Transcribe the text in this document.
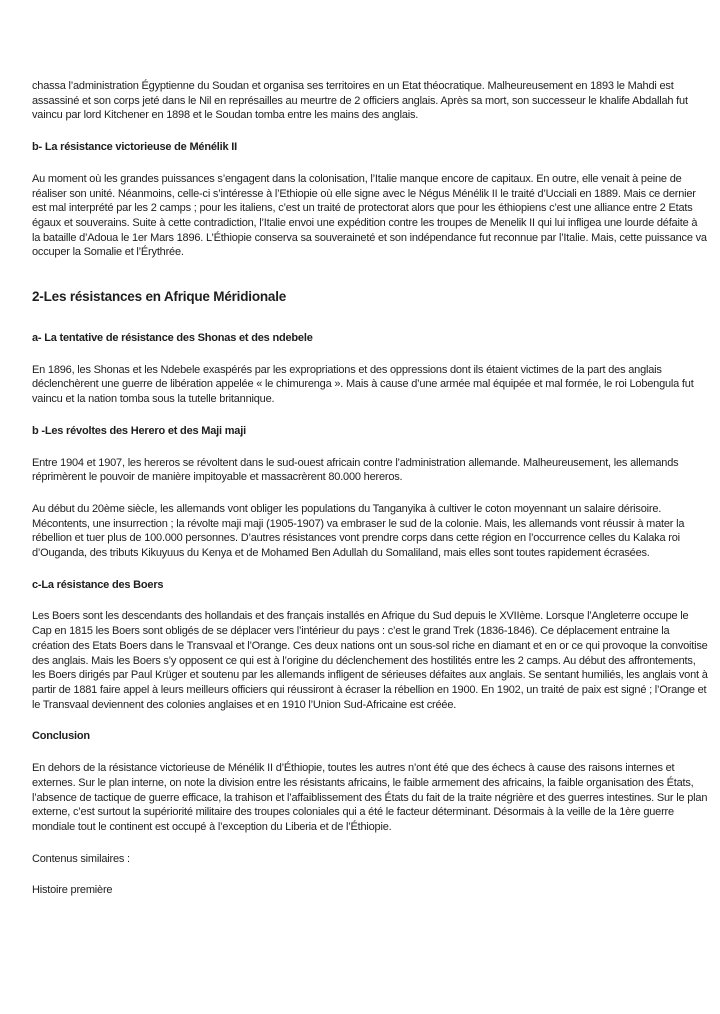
chassa l’administration Égyptienne du Soudan et organisa ses territoires en un Etat théocratique. Malheureusement en 1893 le Mahdi est assassiné et son corps jeté dans le Nil en représailles au meurtre de 2 officiers anglais. Après sa mort, son successeur le khalife Abdallah fut vaincu par lord Kitchener en 1898 et le Soudan tomba entre les mains des anglais.

b- La résistance victorieuse de Ménélik II

Au moment où les grandes puissances s’engagent dans la colonisation, l’Italie manque encore de capitaux. En outre, elle venait à peine de réaliser son unité. Néanmoins, celle-ci s’intéresse à l’Ethiopie où elle signe avec le Négus Ménélik II le traité d’Ucciali en 1889. Mais ce dernier est mal interprété par les 2 camps ; pour les italiens, c’est un traité de protectorat alors que pour les éthiopiens c’est une alliance entre 2 Etats égaux et souverains. Suite à cette contradiction, l’Italie envoi une expédition contre les troupes de Menelik II qui lui infligea une lourde défaite à la bataille d’Adoua le 1er Mars 1896. L’Éthiopie conserva sa souveraineté et son indépendance fut reconnue par l’Italie. Mais, cette puissance va occuper la Somalie et l’Érythrée.

2-Les résistances en Afrique Méridionale

a- La tentative de résistance des Shonas et des ndebele

En 1896, les Shonas et les Ndebele exaspérés par les expropriations et des oppressions dont ils étaient victimes de la part des anglais déclenchèrent une guerre de libération appelée « le chimurenga ». Mais à cause d’une armée mal équipée et mal formée, le roi Lobengula fut vaincu et la nation tomba sous la tutelle britannique.

b -Les révoltes des Herero et des Maji maji

Entre 1904 et 1907, les hereros se révoltent dans le sud-ouest africain contre l’administration allemande. Malheureusement, les allemands réprimèrent le pouvoir de manière impitoyable et massacrèrent 80.000 hereros.

Au début du 20ème siècle, les allemands vont obliger les populations du Tanganyika à cultiver le coton moyennant un salaire dérisoire. Mécontents, une insurrection ; la révolte maji maji (1905-1907) va embraser le sud de la colonie. Mais, les allemands vont réussir à mater la rébellion et tuer plus de 100.000 personnes. D’autres résistances vont prendre corps dans cette région en l’occurrence celles du Kalaka roi d’Ouganda, des tributs Kikuyuus du Kenya et de Mohamed Ben Adullah du Somaliland, mais elles sont toutes rapidement écrasées.

c-La résistance des Boers

Les Boers sont les descendants des hollandais et des français installés en Afrique du Sud depuis le XVIIème. Lorsque l’Angleterre occupe le Cap en 1815 les Boers sont obligés de se déplacer vers l’intérieur du pays : c’est le grand Trek (1836-1846). Ce déplacement entraine la création des Etats Boers dans le Transvaal et l’Orange. Ces deux nations ont un sous-sol riche en diamant et en or ce qui provoque la convoitise des anglais. Mais les Boers s’y opposent ce qui est à l’origine du déclenchement des hostilités entre les 2 camps. Au début des affrontements, les Boers dirigés par Paul Krüger et soutenu par les allemands infligent de sérieuses défaites aux anglais. Se sentant humiliés, les anglais vont à partir de 1881 faire appel à leurs meilleurs officiers qui réussiront à écraser la rébellion en 1900. En 1902, un traité de paix est signé ; l’Orange et le Transvaal deviennent des colonies anglaises et en 1910 l’Union Sud-Africaine est créée.

Conclusion

En dehors de la résistance victorieuse de Ménélik II d’Éthiopie, toutes les autres n’ont été que des échecs à cause des raisons internes et externes. Sur le plan interne, on note la division entre les résistants africains, le faible armement des africains, la faible organisation des États, l’absence de tactique de guerre efficace, la trahison et l’affaiblissement des États du fait de la traite négrière et des guerres intestines. Sur le plan externe, c’est surtout la supériorité militaire des troupes coloniales qui a été le facteur déterminant. Désormais à la veille de la 1ère guerre mondiale tout le continent est occupé à l’exception du Liberia et de l’Éthiopie.

Contenus similaires :

Histoire première
